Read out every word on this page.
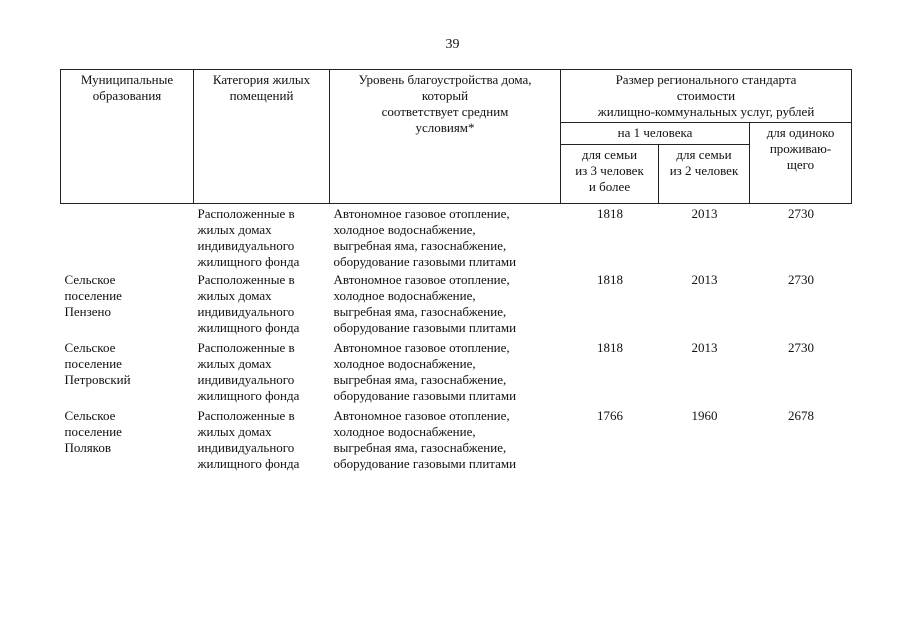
39
Муниципальные
образования	Категория жилых
помещений	Уровень благоустройства дома,
который
соответствует средним
условиям*	Размер регионального стандарта
стоимости
жилищно-коммунальных услуг, рублей		
			на 1 человека		для одиноко
проживаю-
щего
			для семьи
из 3 человек
и более	для семьи
из 2 человек	
	Расположенные в
жилых домах
индивидуального
жилищного фонда	Автономное газовое отопление,
холодное водоснабжение,
выгребная яма, газоснабжение,
оборудование газовыми плитами	1818	2013	2730
Сельское
поселение
Пензено	Расположенные в
жилых домах
индивидуального
жилищного фонда	Автономное газовое отопление,
холодное водоснабжение,
выгребная яма, газоснабжение,
оборудование газовыми плитами	1818	2013	2730
Сельское
поселение
Петровский	Расположенные в
жилых домах
индивидуального
жилищного фонда	Автономное газовое отопление,
холодное водоснабжение,
выгребная яма, газоснабжение,
оборудование газовыми плитами	1818	2013	2730
Сельское
поселение
Поляков	Расположенные в
жилых домах
индивидуального
жилищного фонда	Автономное газовое отопление,
холодное водоснабжение,
выгребная яма, газоснабжение,
оборудование газовыми плитами	1766	1960	2678
